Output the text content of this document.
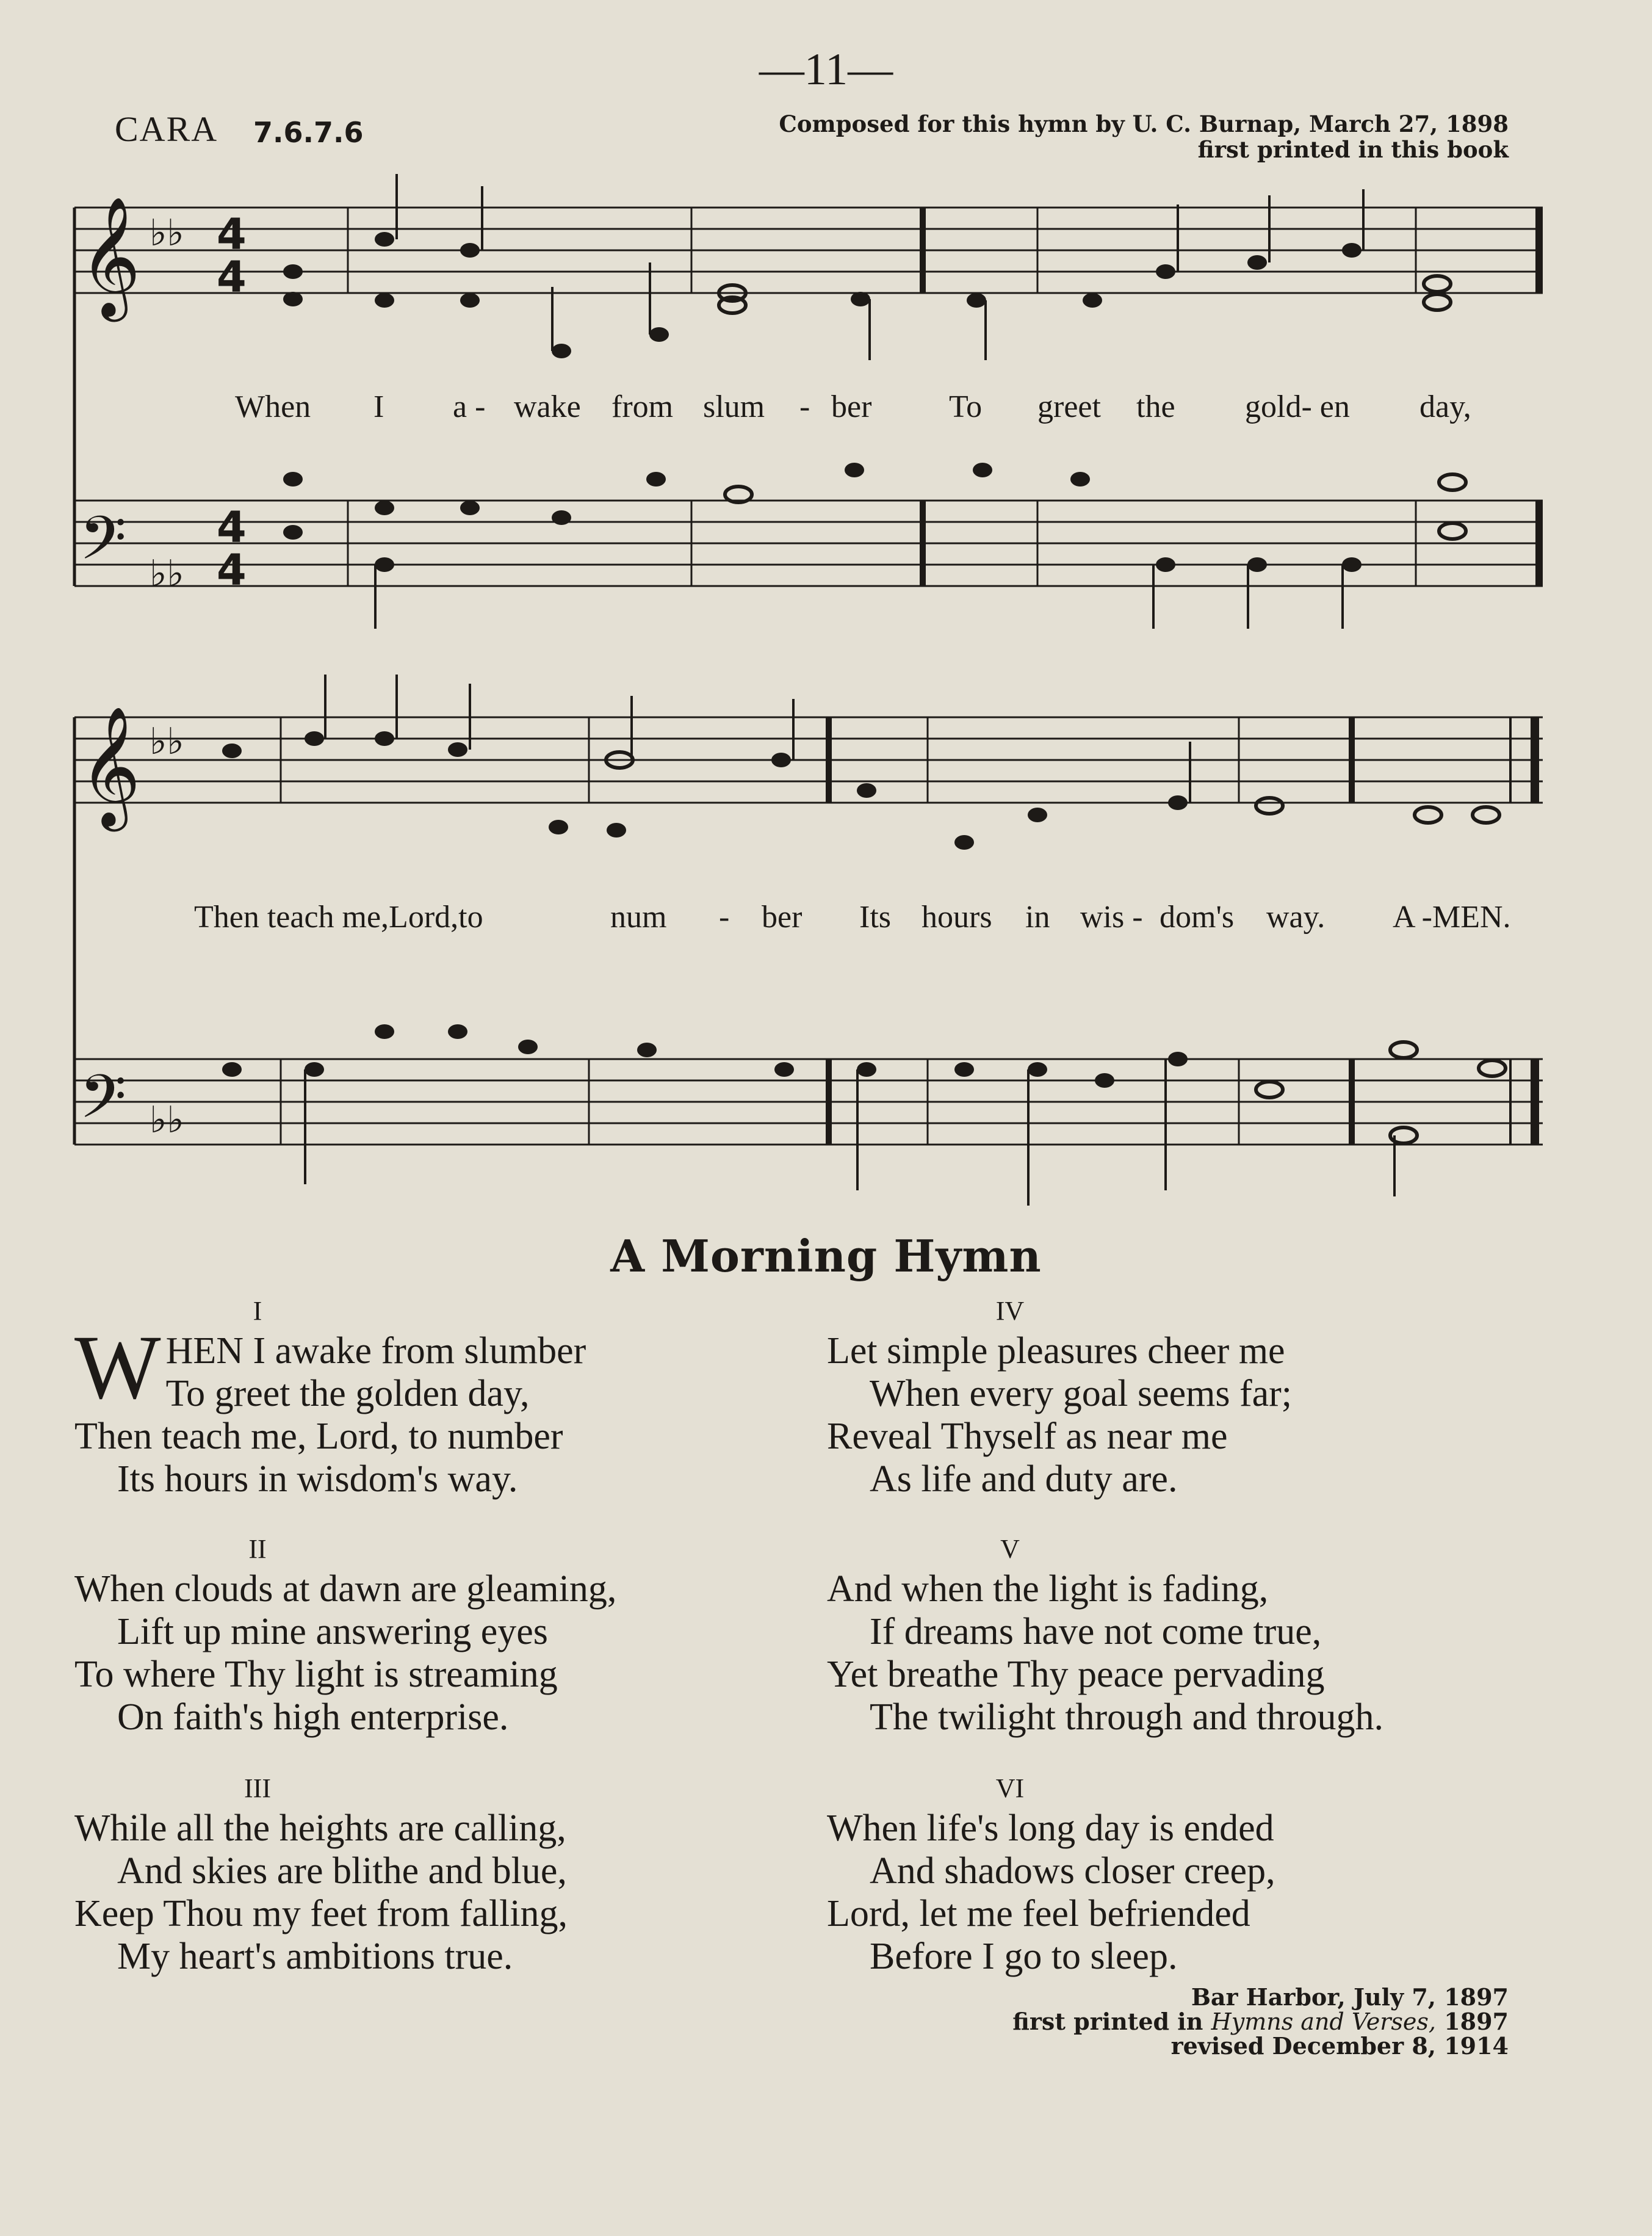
—11—
CARA 7.6.7.6	Composed for this hymn by U. C. Burnap, March 27, 1898
first printed in this book
𝄞
𝄢
𝄞
𝄢
♭♭
♭♭
♭♭
♭♭
4
4
4
4
When I a - wake from slum - ber To greet the gold- en day,
Then teach me,Lord,to	num - ber Its hours in wis - dom's way. A -MEN.
A Morning Hymn
I
WHEN I awake from slumber
To greet the golden day,
Then teach me, Lord, to number
Its hours in wisdom's way.
II
When clouds at dawn are gleaming,
Lift up mine answering eyes
To where Thy light is streaming
On faith's high enterprise.
III
While all the heights are calling,
And skies are blithe and blue,
Keep Thou my feet from falling,
My heart's ambitions true.
IV
Let simple pleasures cheer me
When every goal seems far;
Reveal Thyself as near me
As life and duty are.
V
And when the light is fading,
If dreams have not come true,
Yet breathe Thy peace pervading
The twilight through and through.
VI
When life's long day is ended
And shadows closer creep,
Lord, let me feel befriended
Before I go to sleep.
Bar Harbor, July 7, 1897
first printed in Hymns and Verses, 1897
revised December 8, 1914
